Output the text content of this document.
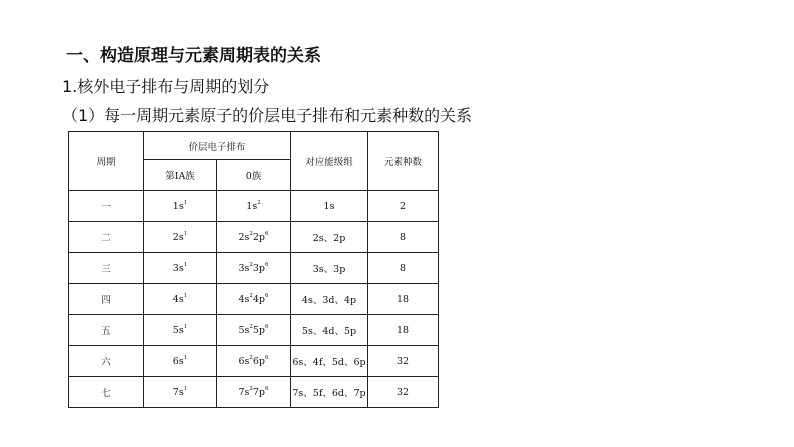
一、构造原理与元素周期表的关系
1.核外电子排布与周期的划分
（1）每一周期元素原子的价层电子排布和元素种数的关系
周期	价层电子排布		对应能级组	元素种数
	第ⅠA族	0族		
一	$1s^1$	$1s^2$	1s	2
二	$2s^1$	$2s^22p^6$	2s、2p	8
三	$3s^1$	$3s^23p^6$	3s、3p	8
四	$4s^1$	$4s^24p^6$	4s、3d、4p	18
五	$5s^1$	$5s^25p^6$	5s、4d、5p	18
六	$6s^1$	$6s^26p^6$	6s、4f、5d、6p	32
七	$7s^1$	$7s^27p^6$	7s、5f、6d、7p	32
